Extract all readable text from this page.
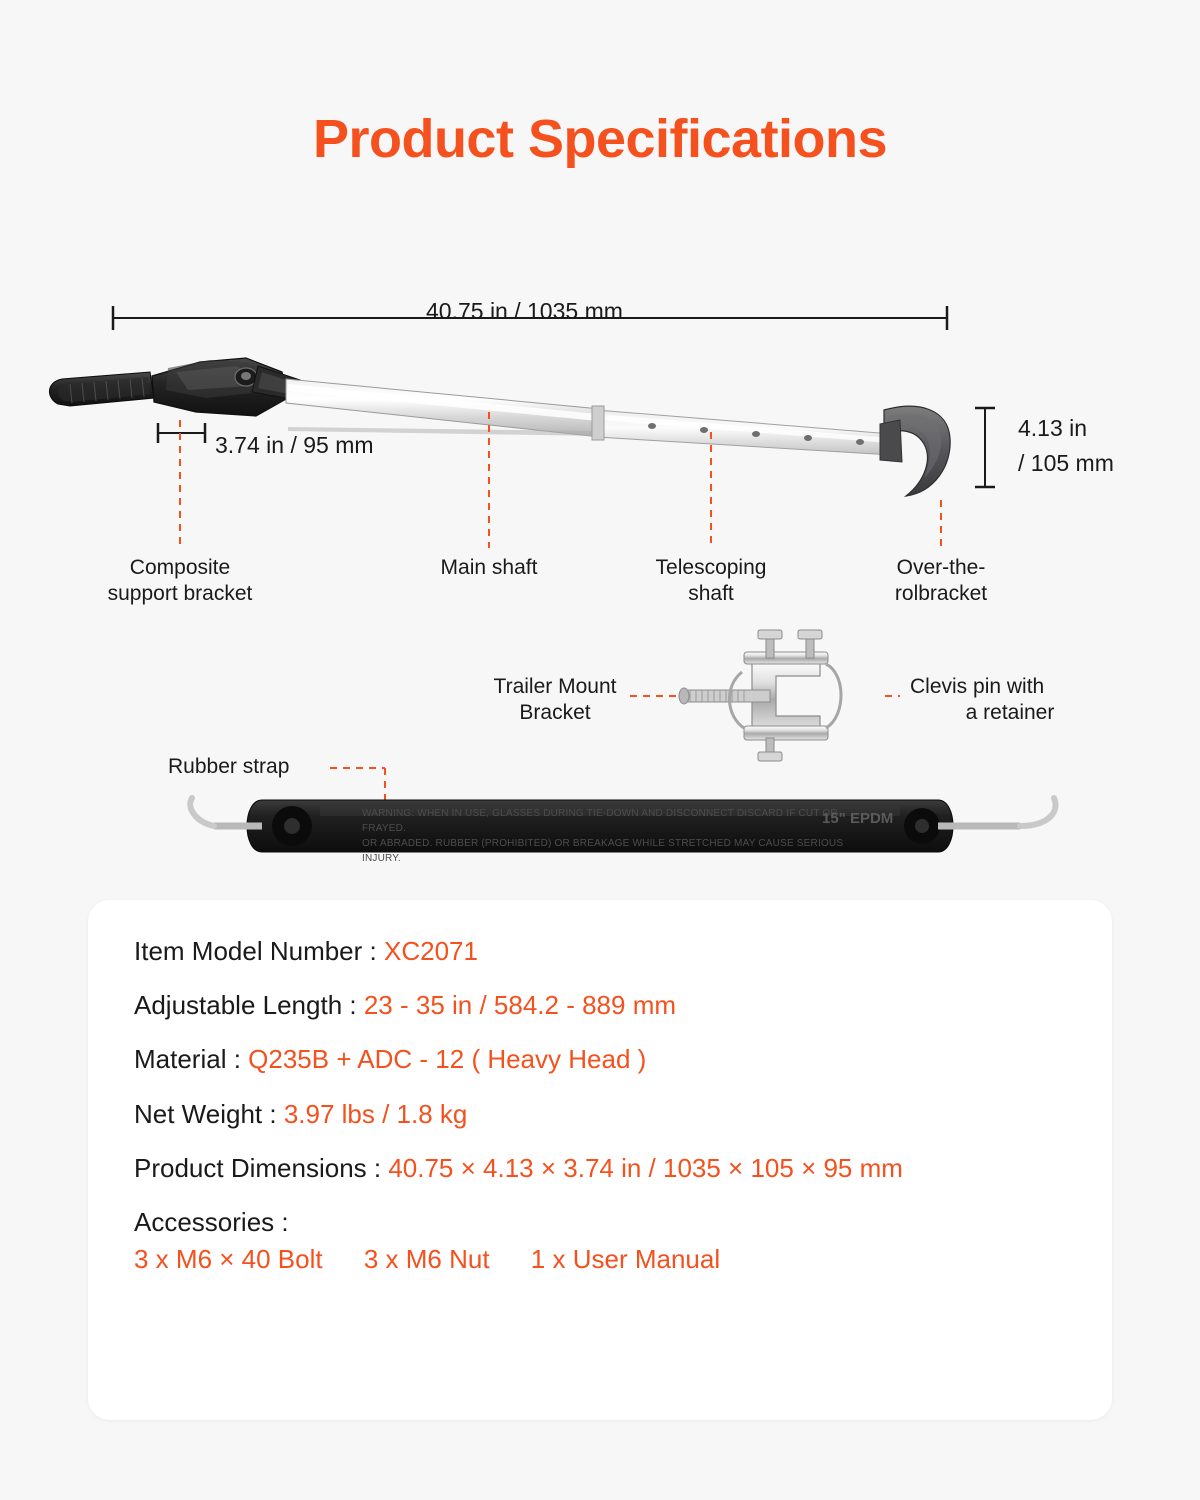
Product Specifications
WARNING: WHEN IN USE, GLASSES DURING TIE-DOWN AND DISCONNECT DISCARD IF CUT OR FRAYED.
OR ABRADED. RUBBER (PROHIBITED) OR BREAKAGE WHILE STRETCHED MAY CAUSE SERIOUS INJURY.
15" EPDM
40.75 in / 1035 mm
3.74 in / 95 mm
4.13 in
/ 105 mm
Composite
support bracket
Main shaft	Telescoping
shaft
Over-the-
rolbracket
Trailer Mount
Bracket
Clevis pin with
a retainer
Rubber strap
Item Model Number : XC2071
Adjustable Length : 23 - 35 in / 584.2 - 889 mm
Material : Q235B + ADC - 12 ( Heavy Head )
Net Weight : 3.97 lbs / 1.8 kg
Product Dimensions : 40.75 × 4.13 × 3.74 in / 1035 × 105 × 95 mm
Accessories :
3 x M6 × 40 Bolt 3 x M6 Nut 1 x User Manual
